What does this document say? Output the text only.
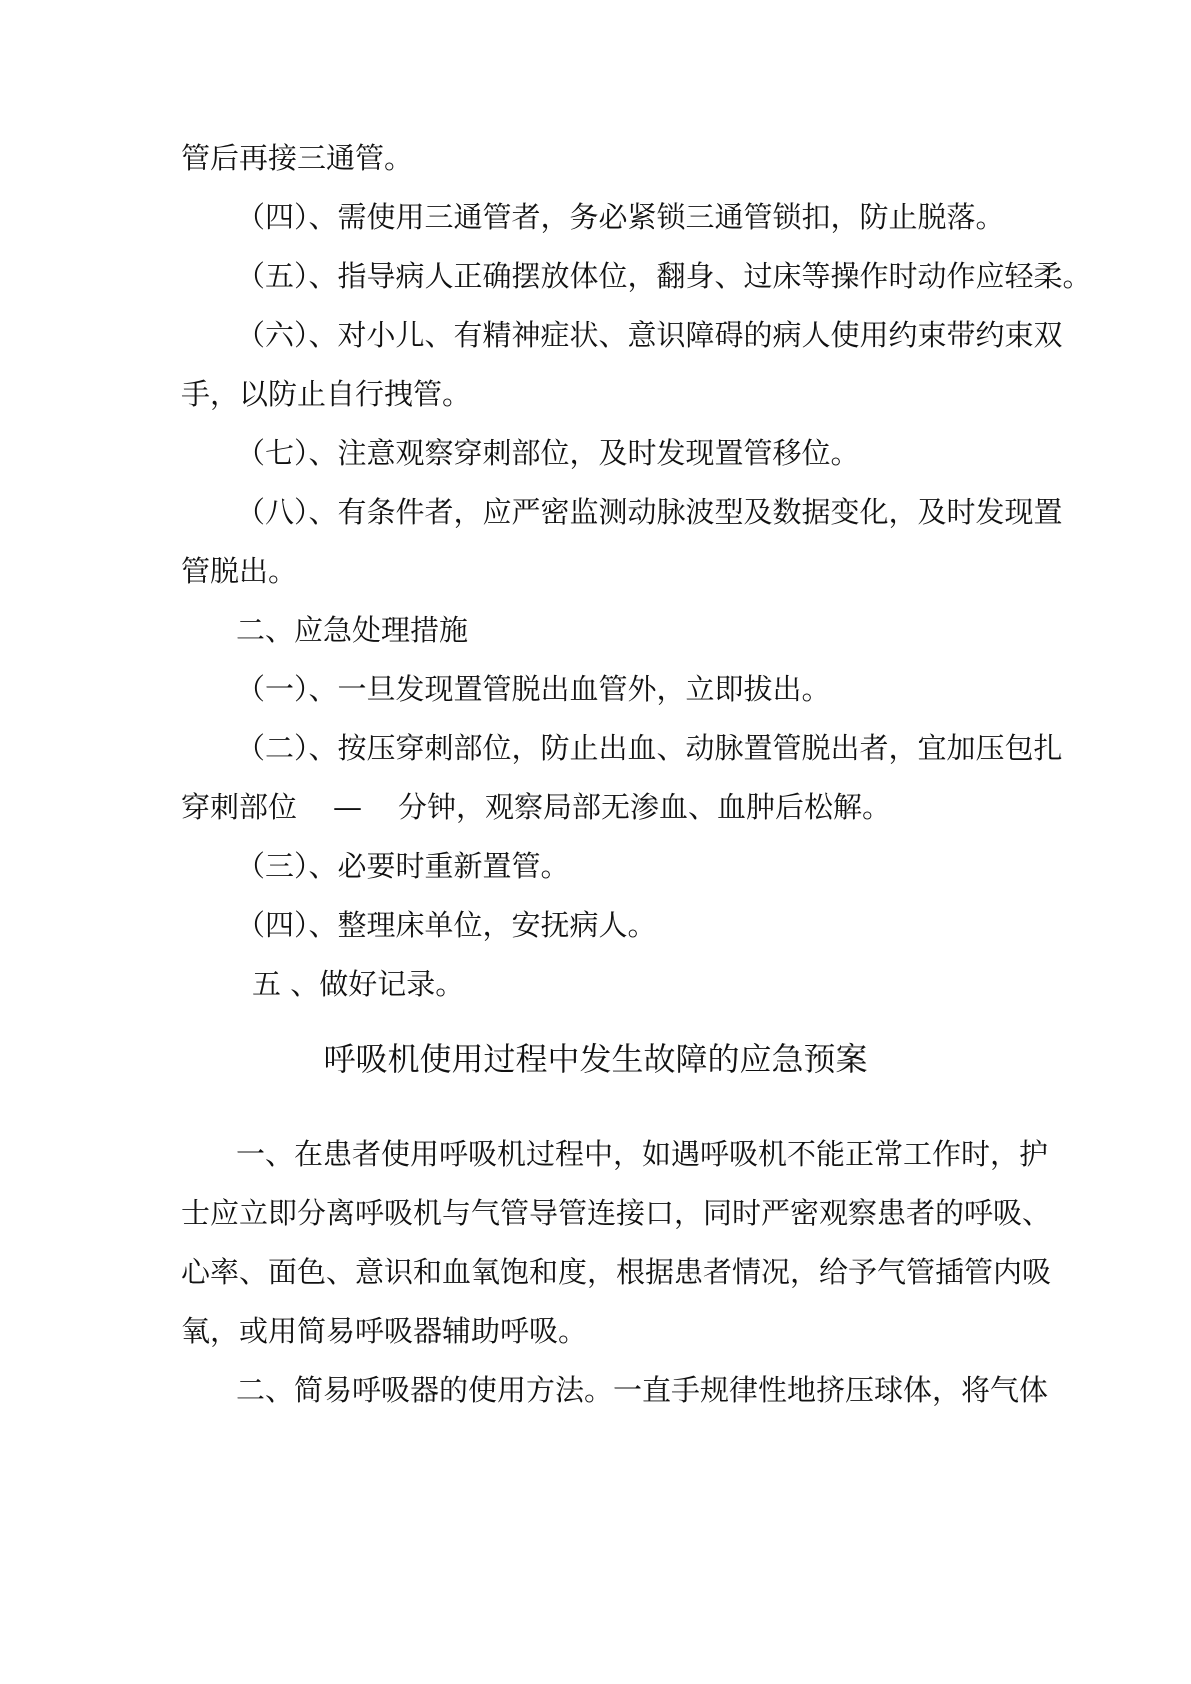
管后再接三通管。
（四）、需使用三通管者，务必紧锁三通管锁扣，防止脱落。
（五）、指导病人正确摆放体位，翻身、过床等操作时动作应轻柔。
（六）、对小儿、有精神症状、意识障碍的病人使用约束带约束双
手，以防止自行拽管。
（七）、注意观察穿刺部位，及时发现置管移位。
（八）、有条件者，应严密监测动脉波型及数据变化，及时发现置
管脱出。
二、应急处理措施
（一）、一旦发现置管脱出血管外，立即拔出。
（二）、按压穿刺部位，防止出血、动脉置管脱出者，宜加压包扎
穿刺部位 — 分钟，观察局部无渗血、血肿后松解。
（三）、必要时重新置管。
（四）、整理床单位，安抚病人。
五 、做好记录。
呼吸机使用过程中发生故障的应急预案
一、在患者使用呼吸机过程中，如遇呼吸机不能正常工作时，护
士应立即分离呼吸机与气管导管连接口，同时严密观察患者的呼吸、
心率、面色、意识和血氧饱和度，根据患者情况，给予气管插管内吸
氧，或用简易呼吸器辅助呼吸。
二、简易呼吸器的使用方法。一直手规律性地挤压球体，将气体
